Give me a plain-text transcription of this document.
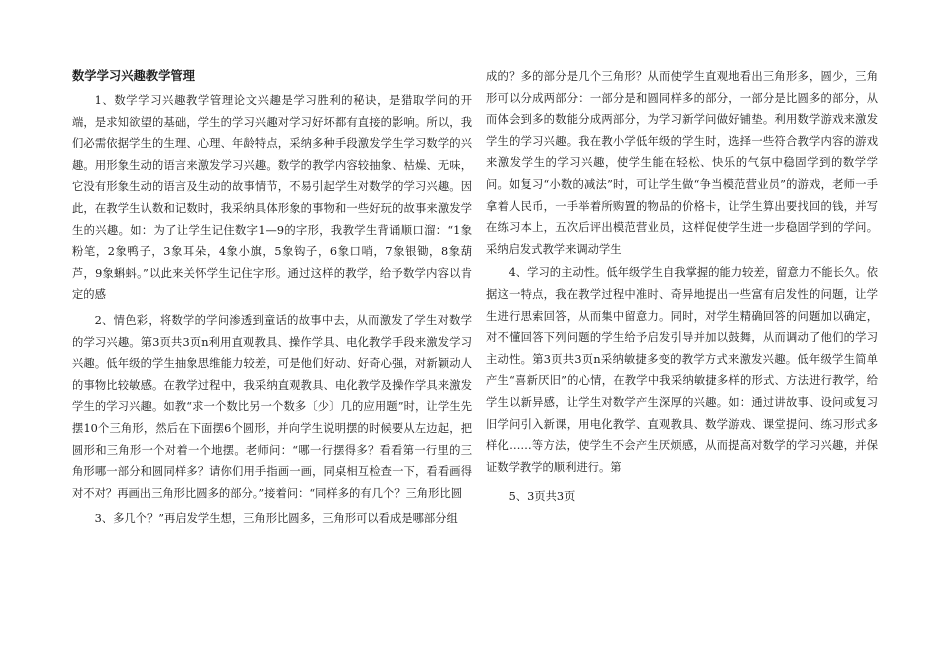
数学学习兴趣教学管理

1、数学学习兴趣教学管理论文兴趣是学习胜利的秘诀，是猎取学问的开端，是求知欲望的基础，学生的学习兴趣对学习好坏都有直接的影响。所以，我们必需依据学生的生理、心理、年龄特点，采纳多种手段激发学生学习数学的兴趣。用形象生动的语言来激发学习兴趣。数学的教学内容较抽象、枯燥、无味，它没有形象生动的语言及生动的故事情节，不易引起学生对数学的学习兴趣。因此，在教学生认数和记数时，我采纳具体形象的事物和一些好玩的故事来激发学生的兴趣。如：为了让学生记住数字1—9的字形，我教学生背诵顺口溜：“1象粉笔，2象鸭子，3象耳朵，4象小旗，5象钩子，6象口哨，7象银锄，8象葫芦，9象蝌蚪。”以此来关怀学生记住字形。通过这样的教学，给予数学内容以肯定的感

2、情色彩，将数学的学问渗透到童话的故事中去，从而激发了学生对数学的学习兴趣。第3页共3页n利用直观教具、操作学具、电化教学手段来激发学习兴趣。低年级的学生抽象思维能力较差，可是他们好动、好奇心强，对新颖动人的事物比较敏感。在教学过程中，我采纳直观教具、电化教学及操作学具来激发学生的学习兴趣。如教“求一个数比另一个数多〔少〕几的应用题”时，让学生先摆10个三角形，然后在下面摆6个圆形，并向学生说明摆的时候要从左边起，把圆形和三角形一个对着一个地摆。老师问：“哪一行摆得多？看看第一行里的三角形哪一部分和圆同样多？请你们用手指画一画，同桌相互检查一下，看看画得对不对？再画出三角形比圆多的部分。”接着问：“同样多的有几个？三角形比圆

3、多几个？”再启发学生想，三角形比圆多，三角形可以看成是哪部分组

成的？多的部分是几个三角形？从而使学生直观地看出三角形多，圆少，三角形可以分成两部分：一部分是和圆同样多的部分，一部分是比圆多的部分，从而体会到多的数能分成两部分，为学习新学问做好铺垫。利用数学游戏来激发学生的学习兴趣。我在教小学低年级的学生时，选择一些符合教学内容的游戏来激发学生的学习兴趣，使学生能在轻松、快乐的气氛中稳固学到的数学学问。如复习“小数的减法”时，可让学生做“争当模范营业员”的游戏，老师一手拿着人民币，一手举着所购置的物品的价格卡，让学生算出要找回的钱，并写在练习本上，五次后评出模范营业员，这样促使学生进一步稳固学到的学问。采纳启发式教学来调动学生

4、学习的主动性。低年级学生自我掌握的能力较差，留意力不能长久。依据这一特点，我在教学过程中准时、奇异地提出一些富有启发性的问题，让学生进行思索回答，从而集中留意力。同时，对学生精确回答的问题加以确定，对不懂回答下列问题的学生给予启发引导并加以鼓舞，从而调动了他们的学习主动性。第3页共3页n采纳敏捷多变的教学方式来激发兴趣。低年级学生简单产生“喜新厌旧”的心情，在教学中我采纳敏捷多样的形式、方法进行教学，给学生以新异感，让学生对数学产生深厚的兴趣。如：通过讲故事、设问或复习旧学问引入新课，用电化教学、直观教具、数学游戏、课堂提问、练习形式多样化……等方法，使学生不会产生厌烦感，从而提高对数学的学习兴趣，并保证数学教学的顺利进行。第

5、3页共3页
